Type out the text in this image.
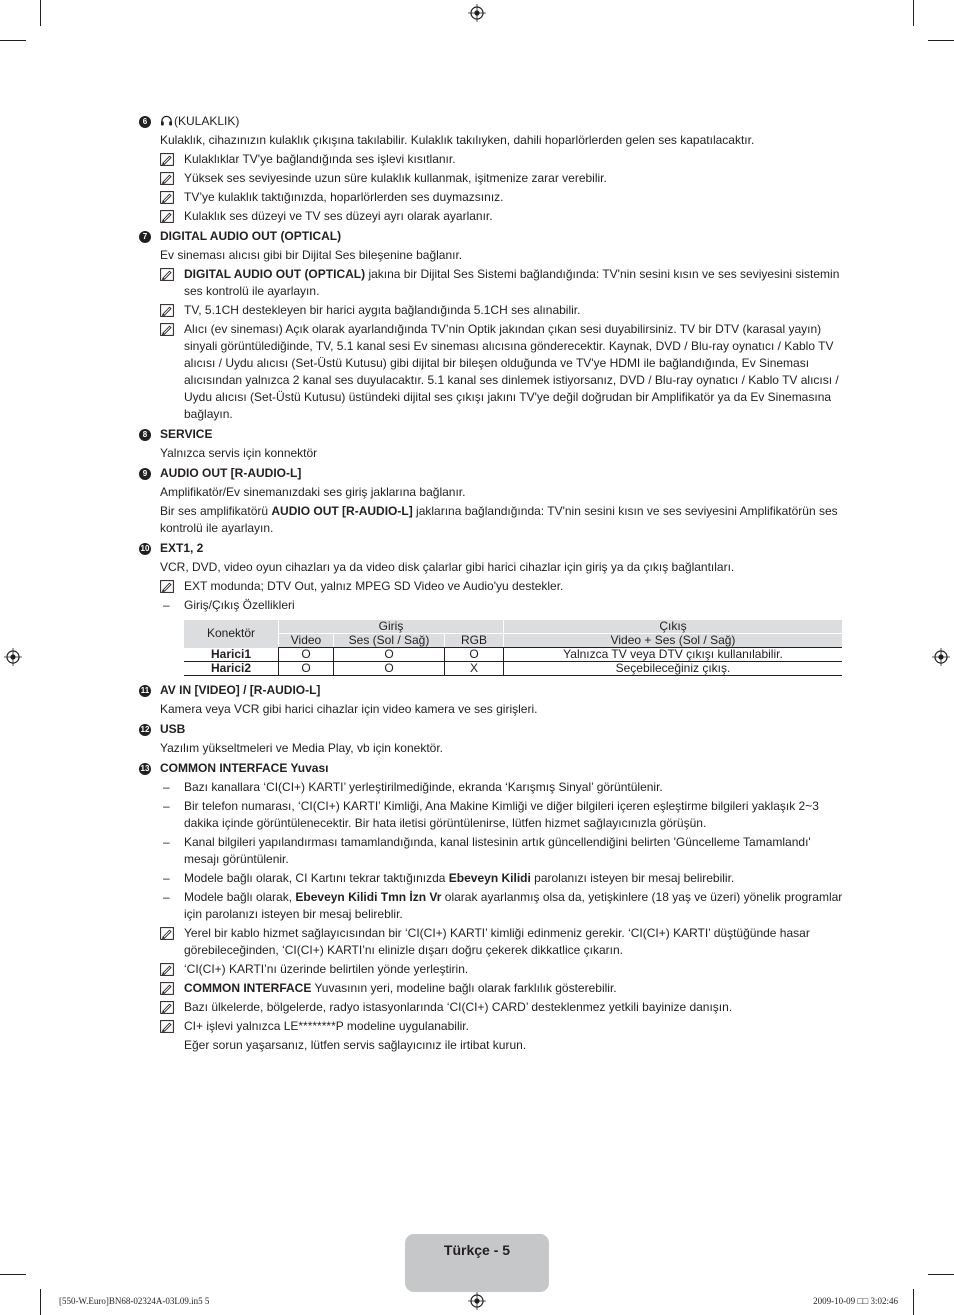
6	(KULAKLIK)
Kulaklık, cihazınızın kulaklık çıkışına takılabilir. Kulaklık takılıyken, dahili hoparlörlerden gelen ses kapatılacaktır.
Kulaklıklar TV'ye bağlandığında ses işlevi kısıtlanır.
Yüksek ses seviyesinde uzun süre kulaklık kullanmak, işitmenize zarar verebilir.
TV’ye kulaklık taktığınızda, hoparlörlerden ses duymazsınız.
Kulaklık ses düzeyi ve TV ses düzeyi ayrı olarak ayarlanır.
7	DIGITAL AUDIO OUT (OPTICAL)
Ev sineması alıcısı gibi bir Dijital Ses bileşenine bağlanır.
DIGITAL AUDIO OUT (OPTICAL) jakına bir Dijital Ses Sistemi bağlandığında: TV'nin sesini kısın ve ses seviyesini sistemin ses kontrolü ile ayarlayın.
TV, 5.1CH destekleyen bir harici aygıta bağlandığında 5.1CH ses alınabilir.
Alıcı (ev sineması) Açık olarak ayarlandığında TV’nin Optik jakından çıkan sesi duyabilirsiniz. TV bir DTV (karasal yayın) sinyali görüntülediğinde, TV, 5.1 kanal sesi Ev sineması alıcısına gönderecektir. Kaynak, DVD / Blu-ray oynatıcı / Kablo TV alıcısı / Uydu alıcısı (Set-Üstü Kutusu) gibi dijital bir bileşen olduğunda ve TV'ye HDMI ile bağlandığında, Ev Sineması alıcısından yalnızca 2 kanal ses duyulacaktır. 5.1 kanal ses dinlemek istiyorsanız, DVD / Blu-ray oynatıcı / Kablo TV alıcısı / Uydu alıcısı (Set-Üstü Kutusu) üstündeki dijital ses çıkışı jakını TV'ye değil doğrudan bir Amplifikatör ya da Ev Sinemasına bağlayın.
8	SERVICE
Yalnızca servis için konnektör
9	AUDIO OUT [R-AUDIO-L]
Amplifikatör/Ev sinemanızdaki ses giriş jaklarına bağlanır.
Bir ses amplifikatörü AUDIO OUT [R-AUDIO-L] jaklarına bağlandığında: TV'nin sesini kısın ve ses seviyesini Amplifikatörün ses kontrolü ile ayarlayın.
10 EXT1, 2
VCR, DVD, video oyun cihazları ya da video disk çalarlar gibi harici cihazlar için giriş ya da çıkış bağlantıları.
EXT modunda; DTV Out, yalnız MPEG SD Video ve Audio'yu destekler.
– Giriş/Çıkış Özellikleri
Konektör	Giriş			Çıkış
	Video	Ses (Sol / Sağ)	RGB	Video + Ses (Sol / Sağ)
Harici1	O	O	O	Yalnızca TV veya DTV çıkışı kullanılabilir.
Harici2	O	O	X	Seçebileceğiniz çıkış.
11 AV IN [VIDEO] / [R-AUDIO-L]
Kamera veya VCR gibi harici cihazlar için video kamera ve ses girişleri.
12 USB
Yazılım yükseltmeleri ve Media Play, vb için konektör.
13 COMMON INTERFACE Yuvası
– Bazı kanallara ‘CI(CI+) KARTI’ yerleştirilmediğinde, ekranda ‘Karışmış Sinyal’ görüntülenir.
– Bir telefon numarası, ‘CI(CI+) KARTI’ Kimliği, Ana Makine Kimliği ve diğer bilgileri içeren eşleştirme bilgileri yaklaşık 2~3 dakika içinde görüntülenecektir. Bir hata iletisi görüntülenirse, lütfen hizmet sağlayıcınızla görüşün.
– Kanal bilgileri yapılandırması tamamlandığında, kanal listesinin artık güncellendiğini belirten 'Güncelleme Tamamlandı' mesajı görüntülenir.
– Modele bağlı olarak, CI Kartını tekrar taktığınızda Ebeveyn Kilidi parolanızı isteyen bir mesaj belirebilir.
– Modele bağlı olarak, Ebeveyn Kilidi Tmn İzn Vr olarak ayarlanmış olsa da, yetişkinlere (18 yaş ve üzeri) yönelik programlar için parolanızı isteyen bir mesaj belireblir.
Yerel bir kablo hizmet sağlayıcısından bir ‘CI(CI+) KARTI’ kimliği edinmeniz gerekir. ‘CI(CI+) KARTI’ düştüğünde hasar görebileceğinden, ‘CI(CI+) KARTI’nı elinizle dışarı doğru çekerek dikkatlice çıkarın.
‘CI(CI+) KARTI’nı üzerinde belirtilen yönde yerleştirin.
COMMON INTERFACE Yuvasının yeri, modeline bağlı olarak farklılık gösterebilir.
Bazı ülkelerde, bölgelerde, radyo istasyonlarında ‘CI(CI+) CARD’ desteklenmez yetkili bayinize danışın.
CI+ işlevi yalnızca LE********P modeline uygulanabilir.
Eğer sorun yaşarsanız, lütfen servis sağlayıcınız ile irtibat kurun.
Türkçe - 5
[550-W.Euro]BN68-02324A-03L09.in5 5	2009-10-09 □□ 3:02:46
